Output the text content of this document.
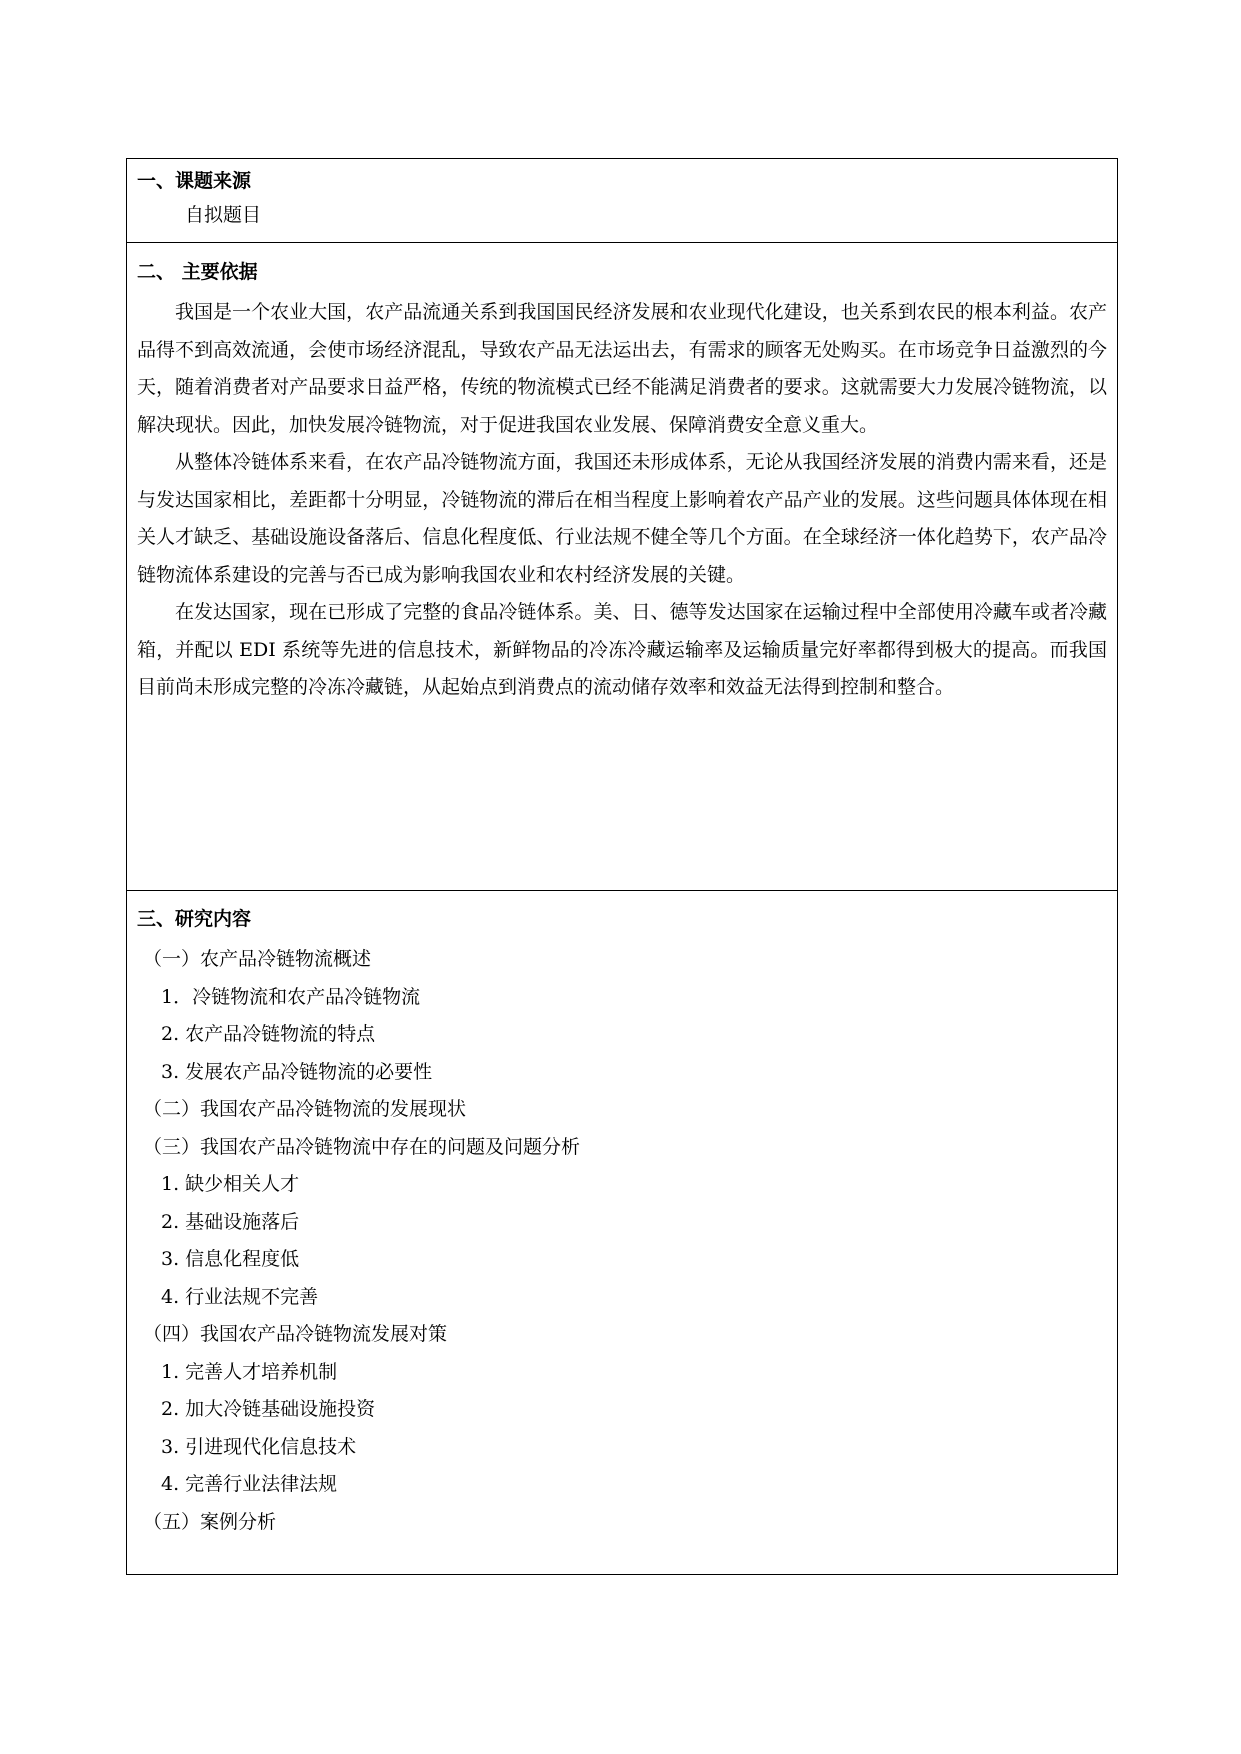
一、课题来源
自拟题目
二、 主要依据

我国是一个农业大国，农产品流通关系到我国国民经济发展和农业现代化建设，也关系到农民的根本利益。农产品得不到高效流通，会使市场经济混乱，导致农产品无法运出去，有需求的顾客无处购买。在市场竞争日益激烈的今天，随着消费者对产品要求日益严格，传统的物流模式已经不能满足消费者的要求。这就需要大力发展冷链物流，以解决现状。因此，加快发展冷链物流，对于促进我国农业发展、保障消费安全意义重大。

从整体冷链体系来看，在农产品冷链物流方面，我国还未形成体系，无论从我国经济发展的消费内需来看，还是与发达国家相比，差距都十分明显，冷链物流的滞后在相当程度上影响着农产品产业的发展。这些问题具体体现在相关人才缺乏、基础设施设备落后、信息化程度低、行业法规不健全等几个方面。在全球经济一体化趋势下，农产品冷链物流体系建设的完善与否已成为影响我国农业和农村经济发展的关键。

在发达国家，现在已形成了完整的食品冷链体系。美、日、德等发达国家在运输过程中全部使用冷藏车或者冷藏箱，并配以 EDI 系统等先进的信息技术，新鲜物品的冷冻冷藏运输率及运输质量完好率都得到极大的提高。而我国目前尚未形成完整的冷冻冷藏链，从起始点到消费点的流动储存效率和效益无法得到控制和整合。

三、研究内容
（一）农产品冷链物流概述
1．冷链物流和农产品冷链物流
2. 农产品冷链物流的特点
3. 发展农产品冷链物流的必要性
（二）我国农产品冷链物流的发展现状
（三）我国农产品冷链物流中存在的问题及问题分析
1. 缺少相关人才
2. 基础设施落后
3. 信息化程度低
4. 行业法规不完善
（四）我国农产品冷链物流发展对策
1. 完善人才培养机制
2. 加大冷链基础设施投资
3. 引进现代化信息技术
4. 完善行业法律法规
（五）案例分析
